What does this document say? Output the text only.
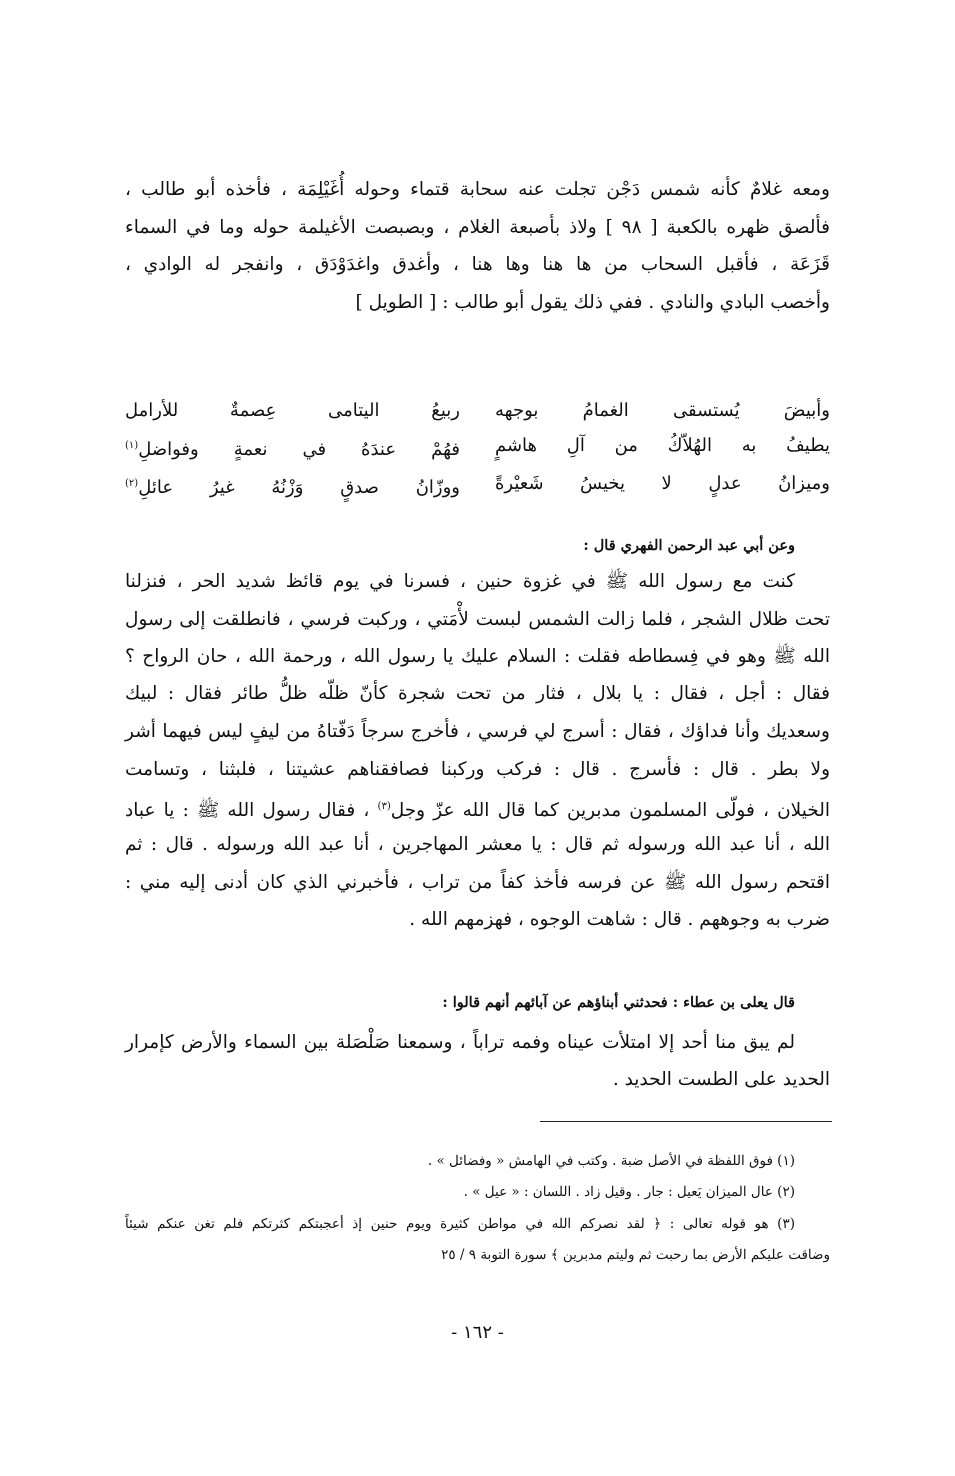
ومعه غلامٌ كأنه شمس دَجْن تجلت عنه سحابة قتماء وحوله أُغَيْلِمَة ، فأخذه أبو طالب ،
فألصق ظهره بالكعبة [ ٩٨ ] ولاذ بأصبعة الغلام ، وبصبصت الأغيلمة حوله وما في السماء
قَزَعَة ، فأقبل السحاب من ها هنا وها هنا ، وأغدق واغدَوْدَق ، وانفجر له الوادي ،
وأخصب البادي والنادي . ففي ذلك يقول أبو طالب : [ الطويل ]
وأبيضَ يُستسقى الغمامُ بوجهه
ربيعُ اليتامى عِصمةٌ للأرامل
يطيفُ به الهُلاّكُ من آلِ هاشمٍ
فهُمْ عندَهُ في نعمةٍ وفواضلِ$^{(١)}$
وميزانُ عدلٍ لا يخيسُ شَعيْرةً
ووزّانُ صدقٍ وَزْنُهُ غيرُ عائلِ$^{(٢)}$
وعن أبي عبد الرحمن الفهري قال :
كنت مع رسول الله ﷺ في غزوة حنين ، فسرنا في يوم قائظ شديد الحر ، فنزلنا
تحت ظلال الشجر ، فلما زالت الشمس لبست لأْمَتي ، وركبت فرسي ، فانطلقت إلى رسول
الله ﷺ وهو في فِسطاطه فقلت : السلام عليك يا رسول الله ، ورحمة الله ، حان الرواح ؟
فقال : أجل ، فقال : يا بلال ، فثار من تحت شجرة كأنّ ظلّه ظلُّ طائر فقال : لبيك
وسعديك وأنا فداؤك ، فقال : أسرج لي فرسي ، فأخرج سرجاً دَفّتاهُ من ليفٍ ليس فيهما أشر
ولا بطر . قال : فأسرج . قال : فركب وركبنا فصافقناهم عشيتنا ، فلبثنا ، وتسامت
الخيلان ، فولّى المسلمون مدبرين كما قال الله عزّ وجل$^{(٣)}$ ، فقال رسول الله ﷺ : يا عباد
الله ، أنا عبد الله ورسوله ثم قال : يا معشر المهاجرين ، أنا عبد الله ورسوله . قال : ثم
اقتحم رسول الله ﷺ عن فرسه فأخذ كفاً من تراب ، فأخبرني الذي كان أدنى إليه مني :
ضرب به وجوههم . قال : شاهت الوجوه ، فهزمهم الله .
قال يعلى بن عطاء : فحدثني أبناؤهم عن آبائهم أنهم قالوا :
لم يبق منا أحد إلا امتلأت عيناه وفمه تراباً ، وسمعنا صَلْصَلة بين السماء والأرض كإمرار
الحديد على الطست الحديد .
(١) فوق اللفظة في الأصل ضبة . وكتب في الهامش « وفضائل » .
(٢) عال الميزان يَعيل : جار . وقيل زاد . اللسان : « عيل » .
(٣) هو قوله تعالى : ﴿ لقد نصركم الله في مواطن كثيرة ويوم حنين إذ أعجبتكم كثرتكم فلم تغن عنكم شيئاً
وضاقت عليكم الأرض بما رحبت ثم وليتم مدبرين ﴾ سورة التوبة ٩ / ٢٥
- ١٦٢ -
